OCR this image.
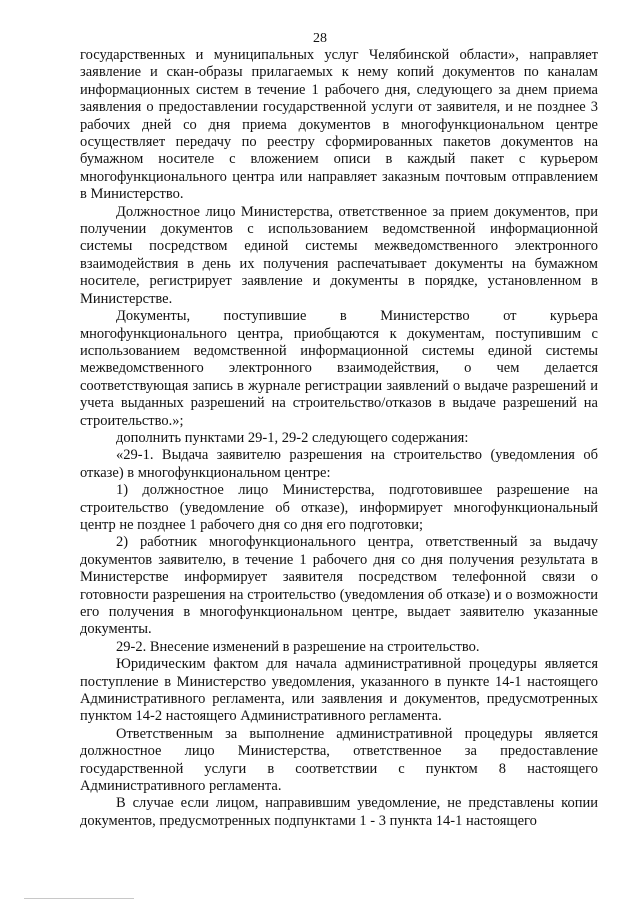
28

государственных и муниципальных услуг Челябинской области», направляет заявление и скан-образы прилагаемых к нему копий документов по каналам информационных систем в течение 1 рабочего дня, следующего за днем приема заявления о предоставлении государственной услуги от заявителя, и не позднее 3 рабочих дней со дня приема документов в многофункциональном центре осуществляет передачу по реестру сформированных пакетов документов на бумажном носителе с вложением описи в каждый пакет с курьером многофункционального центра или направляет заказным почтовым отправлением в Министерство.

Должностное лицо Министерства, ответственное за прием документов, при получении документов с использованием ведомственной информационной системы посредством единой системы межведомственного электронного взаимодействия в день их получения распечатывает документы на бумажном носителе, регистрирует заявление и документы в порядке, установленном в Министерстве.

Документы, поступившие в Министерство от курьера многофункционального центра, приобщаются к документам, поступившим с использованием ведомственной информационной системы единой системы межведомственного электронного взаимодействия, о чем делается соответствующая запись в журнале регистрации заявлений о выдаче разрешений и учета выданных разрешений на строительство/отказов в выдаче разрешений на строительство.»;

дополнить пунктами 29-1, 29-2 следующего содержания:

«29-1. Выдача заявителю разрешения на строительство (уведомления об отказе) в многофункциональном центре:

1) должностное лицо Министерства, подготовившее разрешение на строительство (уведомление об отказе), информирует многофункциональный центр не позднее 1 рабочего дня со дня его подготовки;

2) работник многофункционального центра, ответственный за выдачу документов заявителю, в течение 1 рабочего дня со дня получения результата в Министерстве информирует заявителя посредством телефонной связи о готовности разрешения на строительство (уведомления об отказе) и о возможности его получения в многофункциональном центре, выдает заявителю указанные документы.

29-2. Внесение изменений в разрешение на строительство.

Юридическим фактом для начала административной процедуры является поступление в Министерство уведомления, указанного в пункте 14-1 настоящего Административного регламента, или заявления и документов, предусмотренных пунктом 14-2 настоящего Административного регламента.

Ответственным за выполнение административной процедуры является должностное лицо Министерства, ответственное за предоставление государственной услуги в соответствии с пунктом 8 настоящего Административного регламента.

В случае если лицом, направившим уведомление, не представлены копии документов, предусмотренных подпунктами 1 - 3 пункта 14-1 настоящего
